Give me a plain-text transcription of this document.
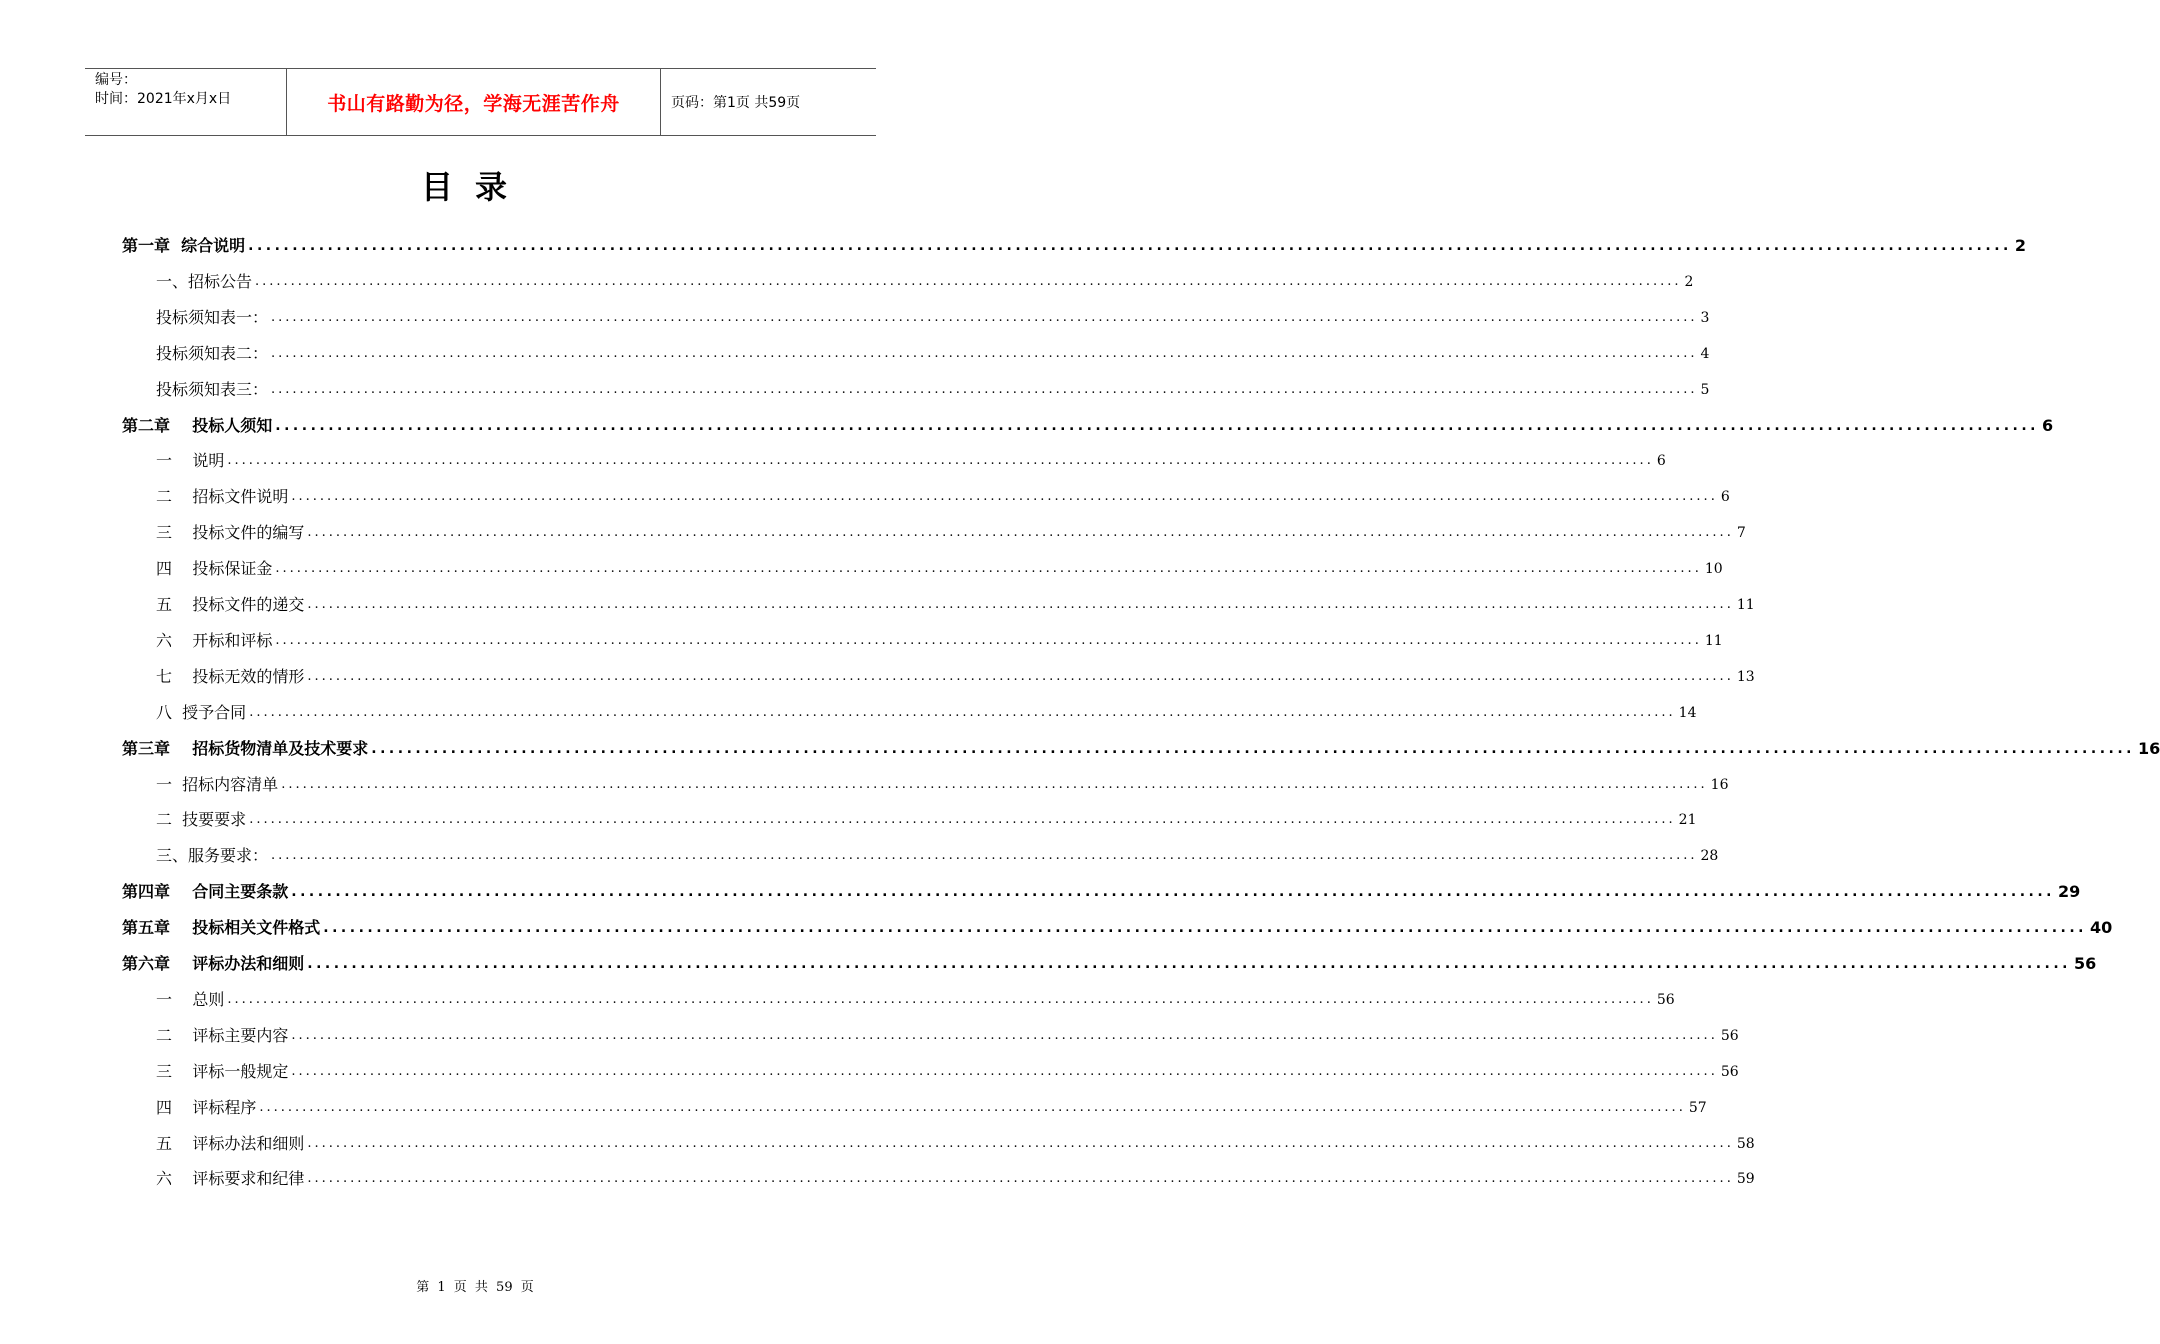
编号：
时间：2021年x月x日	书山有路勤为径，学海无涯苦作舟	页码：第1页 共59页
目录
第一章  综合说明 ........................................................................................................................................................................................................ 2
一、招标公告 ........................................................................................................................................................................................................ 2
投标须知表一： ........................................................................................................................................................................................................ 3
投标须知表二： ........................................................................................................................................................................................................ 4
投标须知表三： ........................................................................................................................................................................................................ 5
第二章    投标人须知 ........................................................................................................................................................................................................ 6
一    说明 ........................................................................................................................................................................................................ 6
二    招标文件说明 ........................................................................................................................................................................................................ 6
三    投标文件的编写 ........................................................................................................................................................................................................ 7
四    投标保证金 ........................................................................................................................................................................................................ 10
五    投标文件的递交 ........................................................................................................................................................................................................ 11
六    开标和评标 ........................................................................................................................................................................................................ 11
七    投标无效的情形 ........................................................................................................................................................................................................ 13
八  授予合同 ........................................................................................................................................................................................................ 14
第三章    招标货物清单及技术要求 ........................................................................................................................................................................................................ 16
一  招标内容清单 ........................................................................................................................................................................................................ 16
二  技要要求 ........................................................................................................................................................................................................ 21
三、服务要求： ........................................................................................................................................................................................................ 28
第四章    合同主要条款 ........................................................................................................................................................................................................ 29
第五章    投标相关文件格式 ........................................................................................................................................................................................................ 40
第六章    评标办法和细则 ........................................................................................................................................................................................................ 56
一    总则 ........................................................................................................................................................................................................ 56
二    评标主要内容 ........................................................................................................................................................................................................ 56
三    评标一般规定 ........................................................................................................................................................................................................ 56
四    评标程序 ........................................................................................................................................................................................................ 57
五    评标办法和细则 ........................................................................................................................................................................................................ 58
六    评标要求和纪律 ........................................................................................................................................................................................................ 59
第 1 页 共 59 页
